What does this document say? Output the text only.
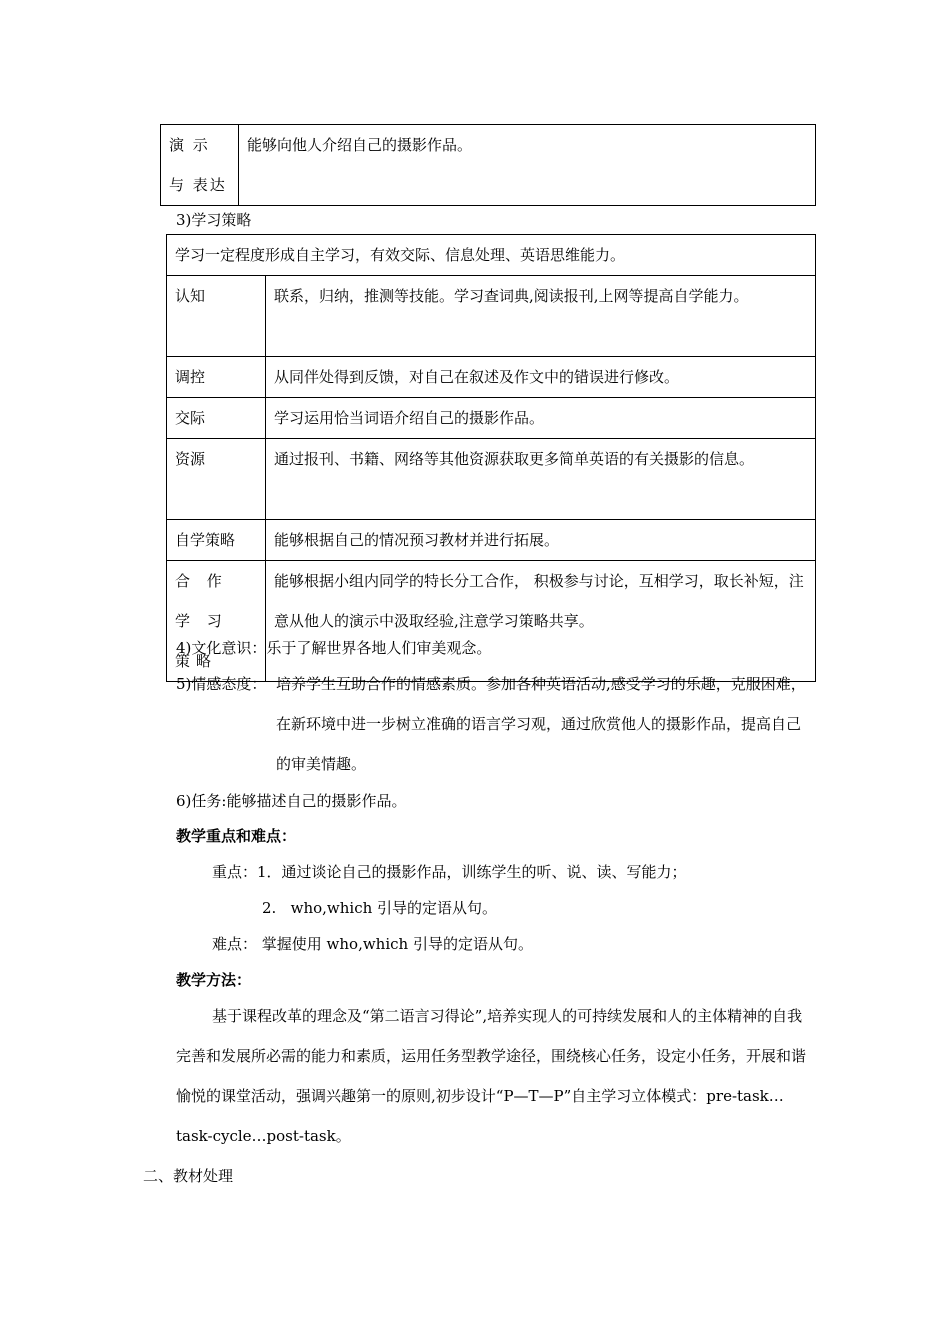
演 示 与 表达	能够向他人介绍自己的摄影作品。
3)学习策略
学习一定程度形成自主学习，有效交际、信息处理、英语思维能力。	
认知	联系，归纳，推测等技能。学习查词典,阅读报刊,上网等提高自学能力。
调控	从同伴处得到反馈，对自己在叙述及作文中的错误进行修改。
交际	学习运用恰当词语介绍自己的摄影作品。
资源	通过报刊、书籍、网络等其他资源获取更多简单英语的有关摄影的信息。
自学策略	能够根据自己的情况预习教材并进行拓展。
合 作 学 习 策略	能够根据小组内同学的特长分工合作， 积极参与讨论，互相学习，取长补短，注意从他人的演示中汲取经验,注意学习策略共享。
4)文化意识：乐于了解世界各地人们审美观念。
5)情感态度： 培养学生互助合作的情感素质。参加各种英语活动,感受学习的乐趣，克服困难，在新环境中进一步树立准确的语言学习观，通过欣赏他人的摄影作品，提高自己的审美情趣。
6)任务:能够描述自己的摄影作品。
教学重点和难点：
重点：1．通过谈论自己的摄影作品，训练学生的听、说、读、写能力；
2.   who,which 引导的定语从句。
难点： 掌握使用 who,which 引导的定语从句。
教学方法：
基于课程改革的理念及“第二语言习得论”,培养实现人的可持续发展和人的主体精神的自我完善和发展所必需的能力和素质，运用任务型教学途径，围绕核心任务，设定小任务，开展和谐愉悦的课堂活动，强调兴趣第一的原则,初步设计“P—T—P”自主学习立体模式：pre-task…task-cycle…post-task。
二、教材处理
